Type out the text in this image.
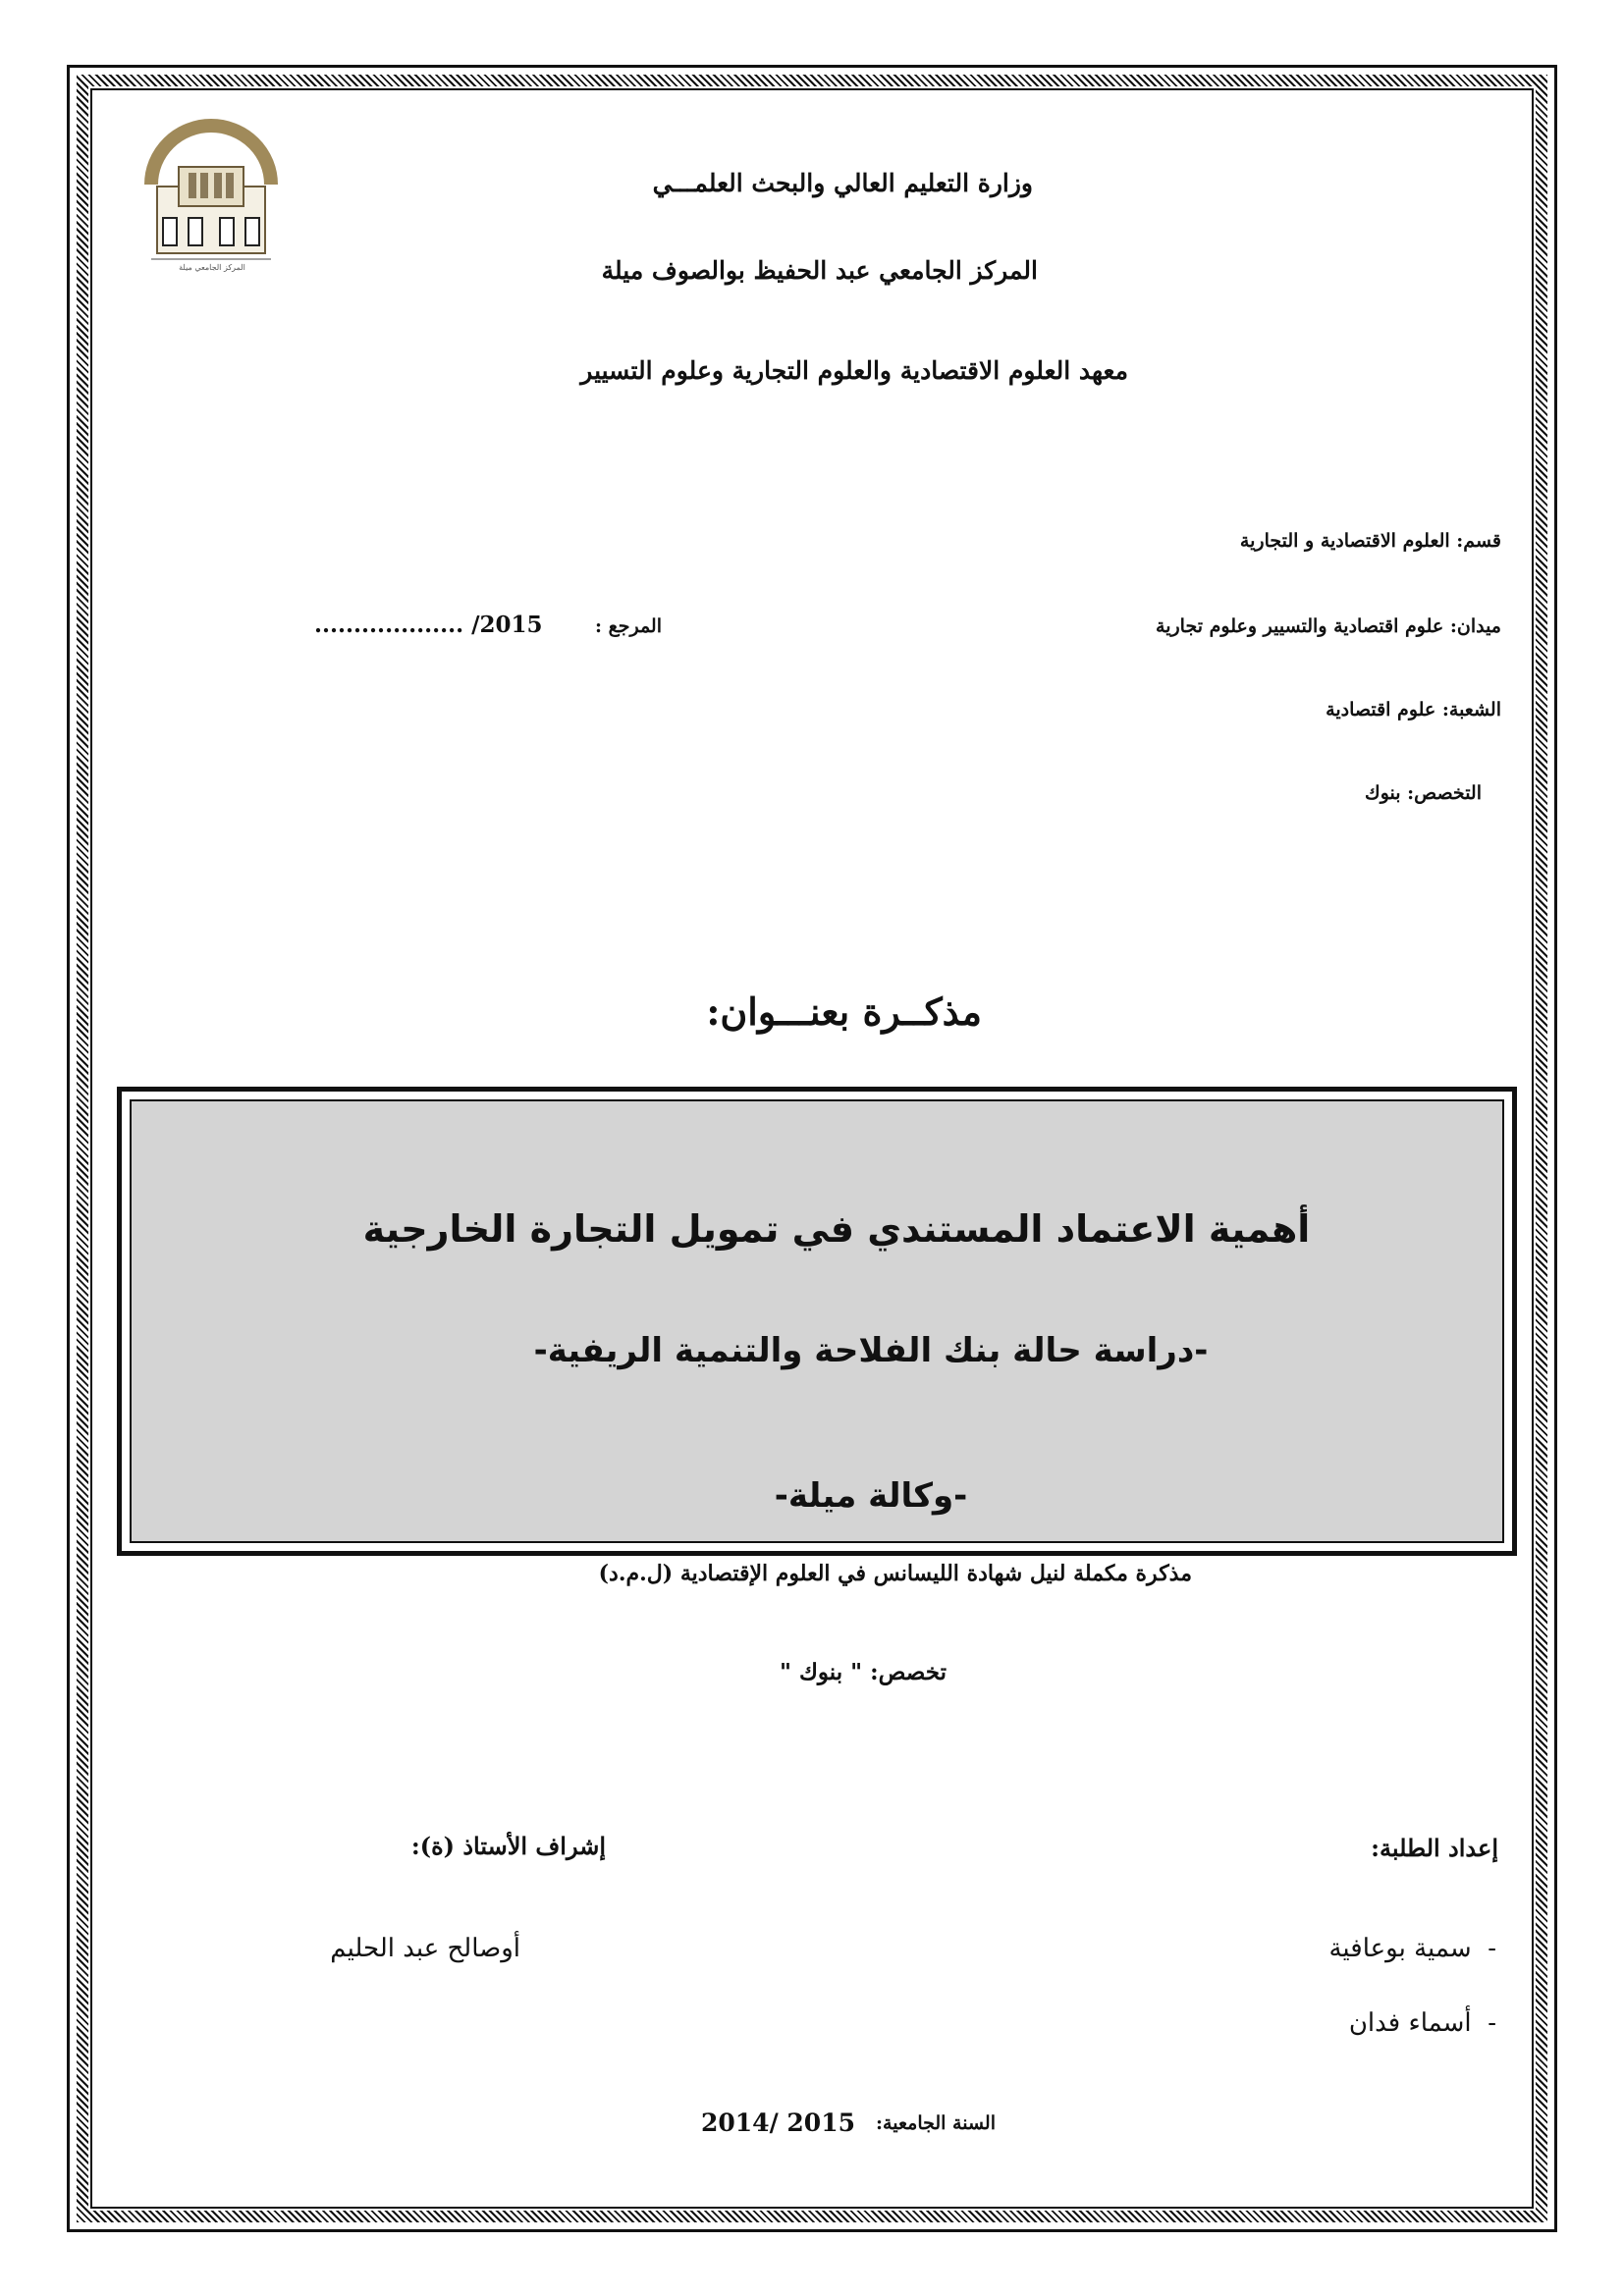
المركز الجامعي ميلة
وزارة التعليم العالي والبحث العلمـــي
المركز الجامعي عبد الحفيظ بوالصوف ميلة
معهد العلوم الاقتصادية والعلوم التجارية وعلوم التسيير
قسم: العلوم الاقتصادية و التجارية
ميدان: علوم اقتصادية والتسيير وعلوم تجارية
المرجع :
................... /2015
الشعبة: علوم اقتصادية
التخصص: بنوك
مذكــرة بعنـــوان:
أهمية الاعتماد المستندي في تمويل التجارة الخارجية
-دراسة حالة بنك الفلاحة والتنمية الريفية-
-وكالة ميلة-
مذكرة مكملة لنيل شهادة الليسانس في العلوم الإقتصادية (ل.م.د)
تخصص: " بنوك "
إعداد الطلبة:
إشراف الأستاذ (ة):
-  سمية بوعافية
-  أسماء فدان
أوصالح عبد الحليم
السنة الجامعية:
2014/ 2015
